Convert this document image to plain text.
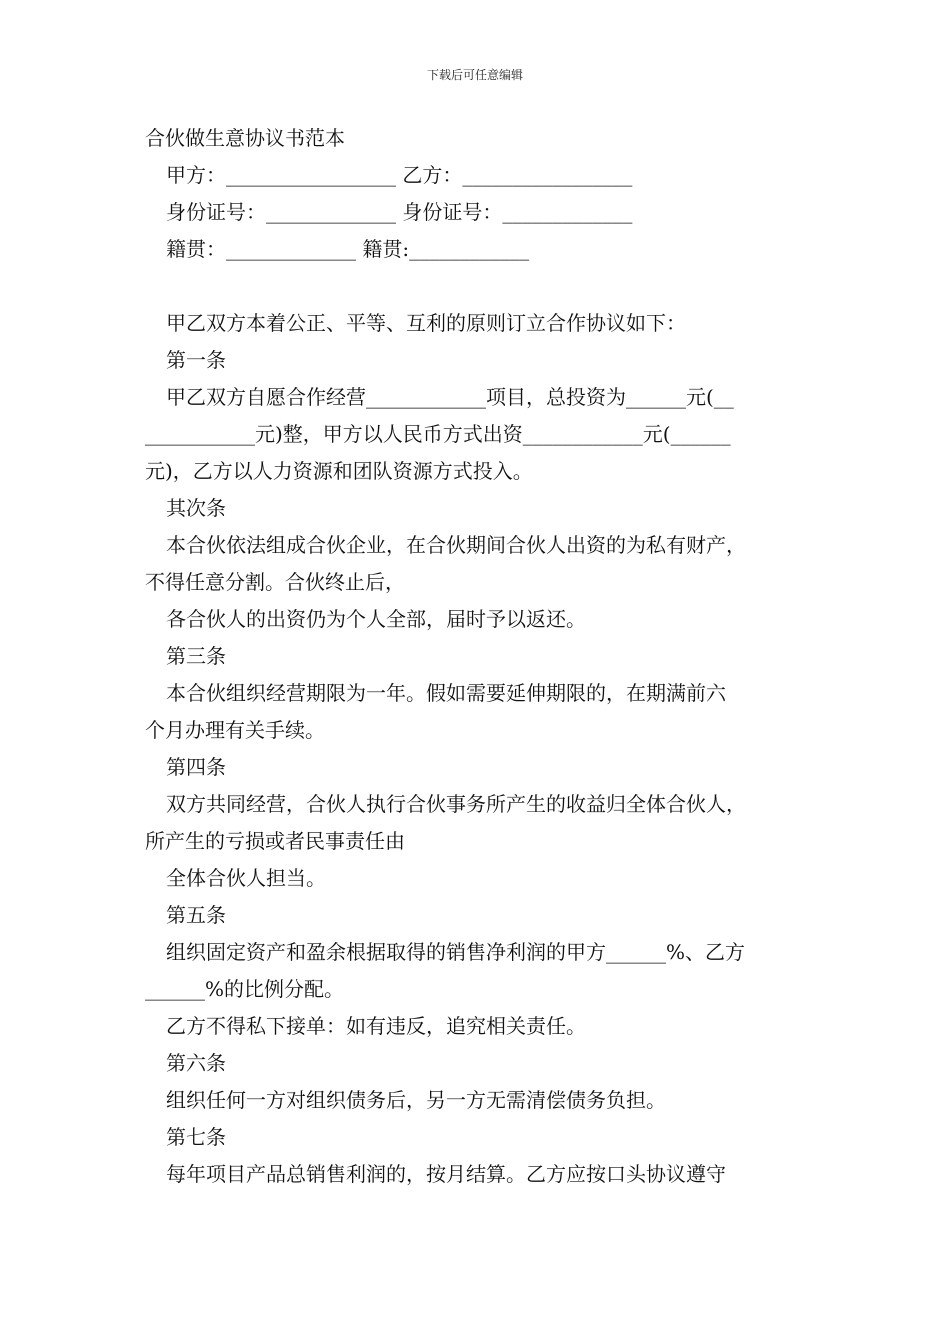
下载后可任意编辑
合伙做生意协议书范本
甲方：_________________ 乙方：_________________
身份证号：_____________ 身份证号：_____________
籍贯：_____________ 籍贯:____________
甲乙双方本着公正、平等、互利的原则订立合作协议如下：
第一条
甲乙双方自愿合作经营____________项目，总投资为______元(__
___________元)整，甲方以人民币方式出资____________元(______
元)，乙方以人力资源和团队资源方式投入。
其次条
本合伙依法组成合伙企业，在合伙期间合伙人出资的为私有财产，
不得任意分割。合伙终止后，
各合伙人的出资仍为个人全部，届时予以返还。
第三条
本合伙组织经营期限为一年。假如需要延伸期限的，在期满前六
个月办理有关手续。
第四条
双方共同经营，合伙人执行合伙事务所产生的收益归全体合伙人，
所产生的亏损或者民事责任由
全体合伙人担当。
第五条
组织固定资产和盈余根据取得的销售净利润的甲方______%、乙方
______%的比例分配。
乙方不得私下接单：如有违反，追究相关责任。
第六条
组织任何一方对组织债务后，另一方无需清偿债务负担。
第七条
每年项目产品总销售利润的，按月结算。乙方应按口头协议遵守
